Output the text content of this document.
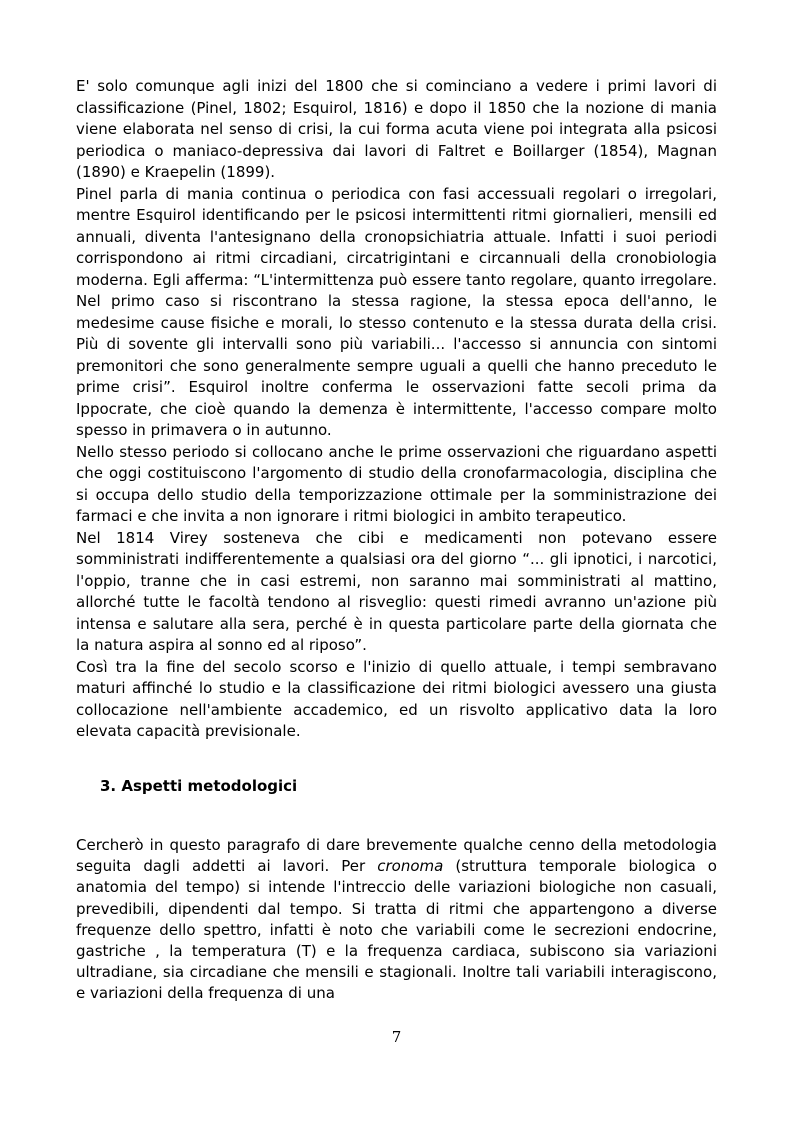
E' solo comunque agli inizi del 1800 che si cominciano a vedere i primi lavori di classificazione (Pinel, 1802; Esquirol, 1816) e dopo il 1850 che la nozione di mania viene elaborata nel senso di crisi, la cui forma acuta viene poi integrata alla psicosi periodica o maniaco-depressiva dai lavori di Faltret e Boillarger (1854), Magnan (1890) e Kraepelin (1899).

Pinel parla di mania continua o periodica con fasi accessuali regolari o irregolari, mentre Esquirol identificando per le psicosi intermittenti ritmi giornalieri, mensili ed annuali, diventa l'antesignano della cronopsichiatria attuale. Infatti i suoi periodi corrispondono ai ritmi circadiani, circatrigintani e circannuali della cronobiologia moderna. Egli afferma: “L'intermittenza può essere tanto regolare, quanto irregolare. Nel primo caso si riscontrano la stessa ragione, la stessa epoca dell'anno, le medesime cause fisiche e morali, lo stesso contenuto e la stessa durata della crisi. Più di sovente gli intervalli sono più variabili... l'accesso si annuncia con sintomi premonitori che sono generalmente sempre uguali a quelli che hanno preceduto le prime crisi”. Esquirol inoltre conferma le osservazioni fatte secoli prima da Ippocrate, che cioè quando la demenza è intermittente, l'accesso compare molto spesso in primavera o in autunno.

Nello stesso periodo si collocano anche le prime osservazioni che riguardano aspetti che oggi costituiscono l'argomento di studio della cronofarmacologia, disciplina che si occupa dello studio della temporizzazione ottimale per la somministrazione dei farmaci e che invita a non ignorare i ritmi biologici in ambito terapeutico.

Nel 1814 Virey sosteneva che cibi e medicamenti non potevano essere somministrati indifferentemente a qualsiasi ora del giorno “... gli ipnotici, i narcotici, l'oppio, tranne che in casi estremi, non saranno mai somministrati al mattino, allorché tutte le facoltà tendono al risveglio: questi rimedi avranno un'azione più intensa e salutare alla sera, perché è in questa particolare parte della giornata che la natura aspira al sonno ed al riposo”.

Così tra la fine del secolo scorso e l'inizio di quello attuale, i tempi sembravano maturi affinché lo studio e la classificazione dei ritmi biologici avessero una giusta collocazione nell'ambiente accademico, ed un risvolto applicativo data la loro elevata capacità previsionale.

3. Aspetti metodologici

Cercherò in questo paragrafo di dare brevemente qualche cenno della metodologia seguita dagli addetti ai lavori. Per cronoma (struttura temporale biologica o anatomia del tempo) si intende l'intreccio delle variazioni biologiche non casuali, prevedibili, dipendenti dal tempo. Si tratta di ritmi che appartengono a diverse frequenze dello spettro, infatti è noto che variabili come le secrezioni endocrine, gastriche , la temperatura (T) e la frequenza cardiaca, subiscono sia variazioni ultradiane, sia circadiane che mensili e stagionali. Inoltre tali variabili interagiscono, e variazioni della frequenza di una

7
